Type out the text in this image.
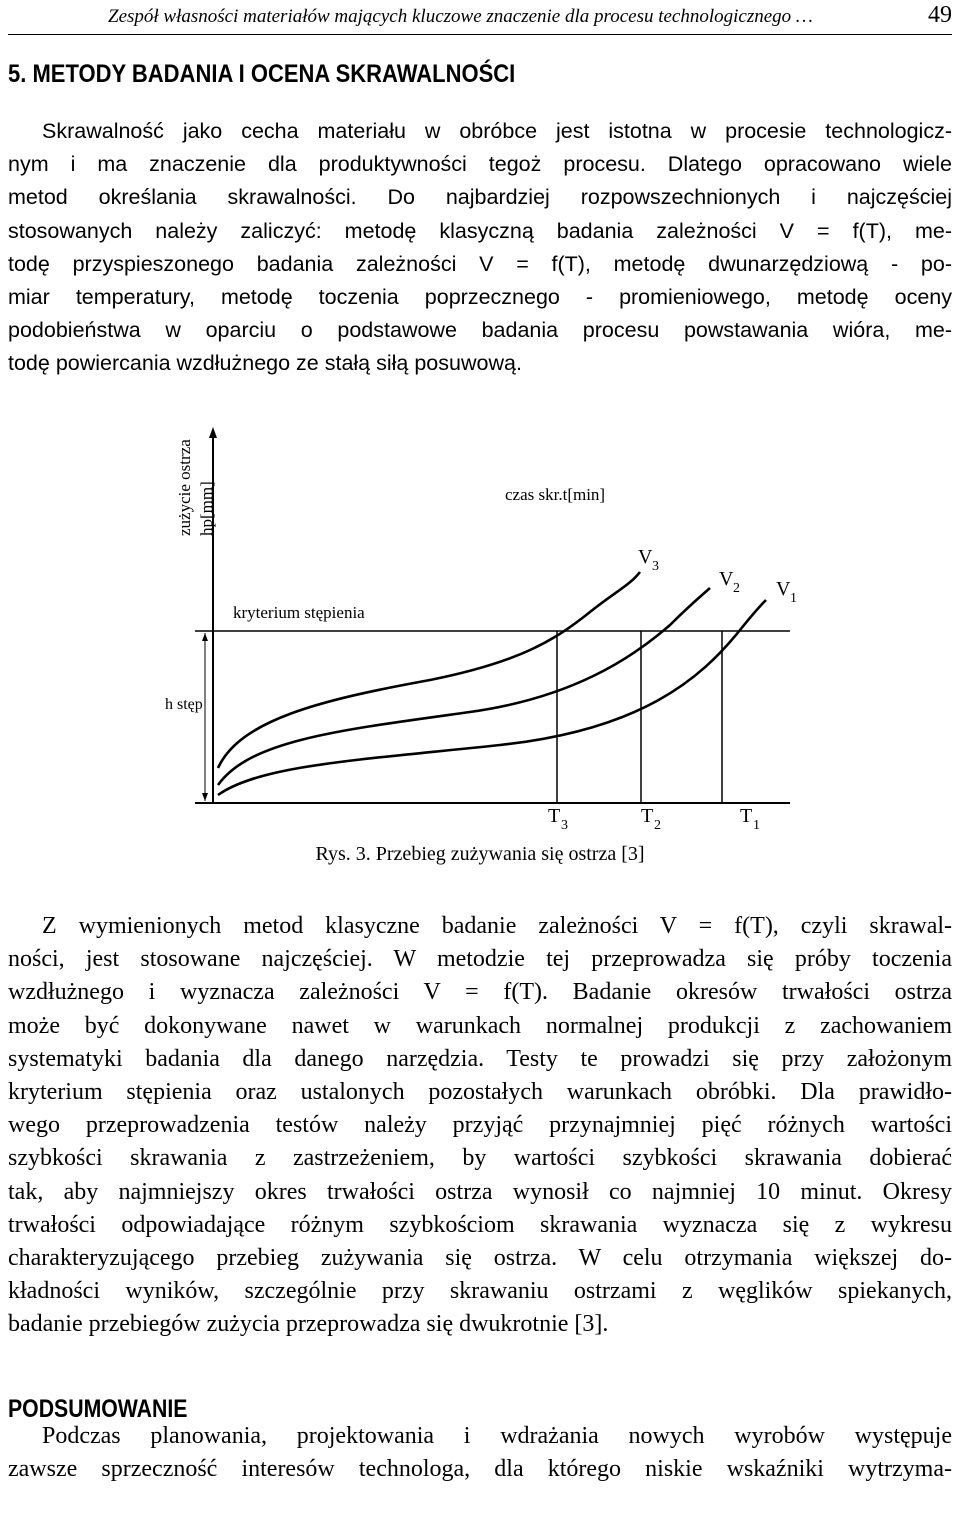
Zespół własności materiałów mających kluczowe znaczenie dla procesu technologicznego …	49
5. METODY BADANIA I OCENA SKRAWALNOŚCI
Skrawalność jako cecha materiału w obróbce jest istotna w procesie technologicz-
nym i ma znaczenie dla produktywności tegoż procesu. Dlatego opracowano wiele
metod określania skrawalności. Do najbardziej rozpowszechnionych i najczęściej
stosowanych należy zaliczyć: metodę klasyczną badania zależności V = f(T), me-
todę przyspieszonego badania zależności V = f(T), metodę dwunarzędziową - po-
miar temperatury, metodę toczenia poprzecznego - promieniowego, metodę oceny
podobieństwa w oparciu o podstawowe badania procesu powstawania wióra, me-
todę powiercania wzdłużnego ze stałą siłą posuwową.
zużycie ostrza hp[mm]	czas skr.t[min]
kryterium stępienia
h stęp
V 3
V 2 V 1
T 3	T 2	T 1
Rys. 3. Przebieg zużywania się ostrza [3]
Z wymienionych metod klasyczne badanie zależności V = f(T), czyli skrawal-
ności, jest stosowane najczęściej. W metodzie tej przeprowadza się próby toczenia
wzdłużnego i wyznacza zależności V = f(T). Badanie okresów trwałości ostrza
może być dokonywane nawet w warunkach normalnej produkcji z zachowaniem
systematyki badania dla danego narzędzia. Testy te prowadzi się przy założonym
kryterium stępienia oraz ustalonych pozostałych warunkach obróbki. Dla prawidło-
wego przeprowadzenia testów należy przyjąć przynajmniej pięć różnych wartości
szybkości skrawania z zastrzeżeniem, by wartości szybkości skrawania dobierać
tak, aby najmniejszy okres trwałości ostrza wynosił co najmniej 10 minut. Okresy
trwałości odpowiadające różnym szybkościom skrawania wyznacza się z wykresu
charakteryzującego przebieg zużywania się ostrza. W celu otrzymania większej do-
kładności wyników, szczególnie przy skrawaniu ostrzami z węglików spiekanych,
badanie przebiegów zużycia przeprowadza się dwukrotnie [3].
PODSUMOWANIE
Podczas planowania, projektowania i wdrażania nowych wyrobów występuje
zawsze sprzeczność interesów technologa, dla którego niskie wskaźniki wytrzyma-
